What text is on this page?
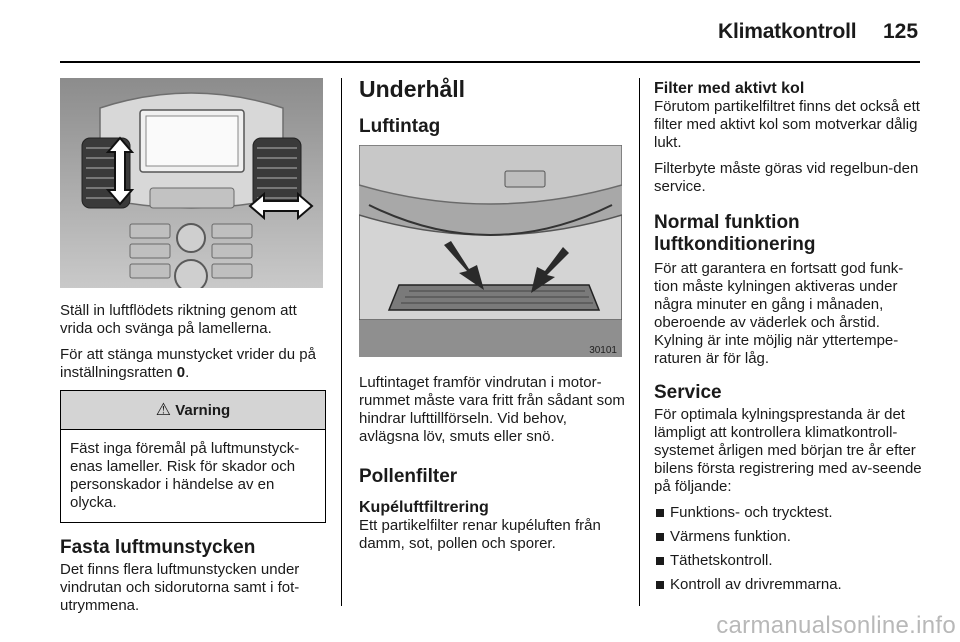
Klimatkontroll 125

Ställ in luftflödets riktning genom att vrida och svänga på lamellerna.

För att stänga munstycket vrider du på inställningsratten 0.

⚠ Varning
Fäst inga föremål på luftmunstyck-enas lameller. Risk för skador och personskador i händelse av en olycka.
Fasta luftmunstycken

Det finns flera luftmunstycken under vindrutan och sidorutorna samt i fot-utrymmena.

Underhåll
Luftintag
30101

Luftintaget framför vindrutan i motor-rummet måste vara fritt från sådant som hindrar lufttillförseln. Vid behov, avlägsna löv, smuts eller snö.

Pollenfilter
Kupéluftfiltrering

Ett partikelfilter renar kupéluften från damm, sot, pollen och sporer.

Filter med aktivt kol

Förutom partikelfiltret finns det också ett filter med aktivt kol som motverkar dålig lukt.

Filterbyte måste göras vid regelbun-den service.

Normal funktion
luftkonditionering

För att garantera en fortsatt god funk-tion måste kylningen aktiveras under några minuter en gång i månaden, oberoende av väderlek och årstid. Kylning är inte möjlig när yttertempe-raturen är för låg.

Service

För optimala kylningsprestanda är det lämpligt att kontrollera klimatkontroll-systemet årligen med början tre år efter bilens första registrering med av-seende på följande:

Funktions- och trycktest.
Värmens funktion.
Täthetskontroll.
Kontroll av drivremmarna.
carmanualsonline.info
